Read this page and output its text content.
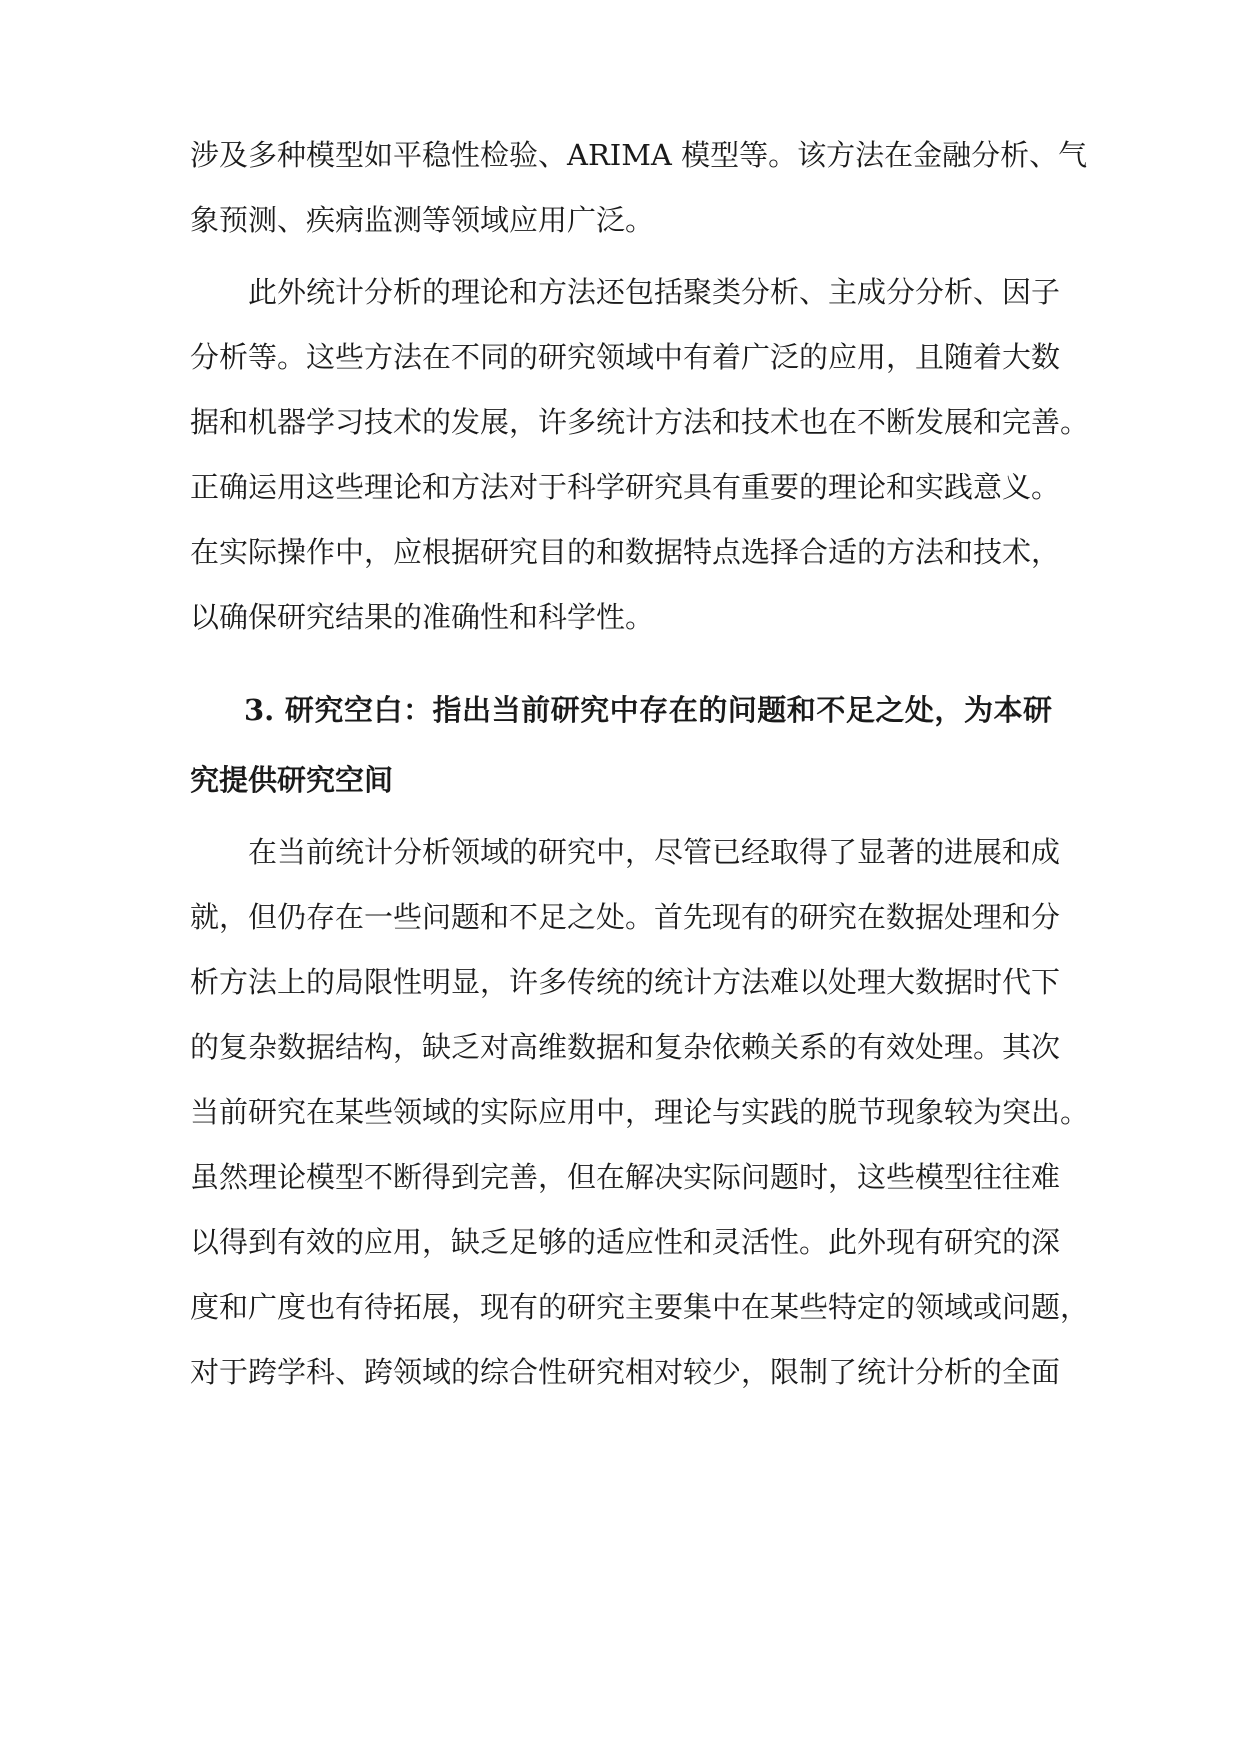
涉及多种模型如平稳性检验、ARIMA 模型等。该方法在金融分析、气
象预测、疾病监测等领域应用广泛。
此外统计分析的理论和方法还包括聚类分析、主成分分析、因子
分析等。这些方法在不同的研究领域中有着广泛的应用，且随着大数
据和机器学习技术的发展，许多统计方法和技术也在不断发展和完善。
正确运用这些理论和方法对于科学研究具有重要的理论和实践意义。
在实际操作中，应根据研究目的和数据特点选择合适的方法和技术，
以确保研究结果的准确性和科学性。
3. 研究空白：指出当前研究中存在的问题和不足之处，为本研
究提供研究空间
在当前统计分析领域的研究中，尽管已经取得了显著的进展和成
就，但仍存在一些问题和不足之处。首先现有的研究在数据处理和分
析方法上的局限性明显，许多传统的统计方法难以处理大数据时代下
的复杂数据结构，缺乏对高维数据和复杂依赖关系的有效处理。其次
当前研究在某些领域的实际应用中，理论与实践的脱节现象较为突出。
虽然理论模型不断得到完善，但在解决实际问题时，这些模型往往难
以得到有效的应用，缺乏足够的适应性和灵活性。此外现有研究的深
度和广度也有待拓展，现有的研究主要集中在某些特定的领域或问题，
对于跨学科、跨领域的综合性研究相对较少，限制了统计分析的全面
